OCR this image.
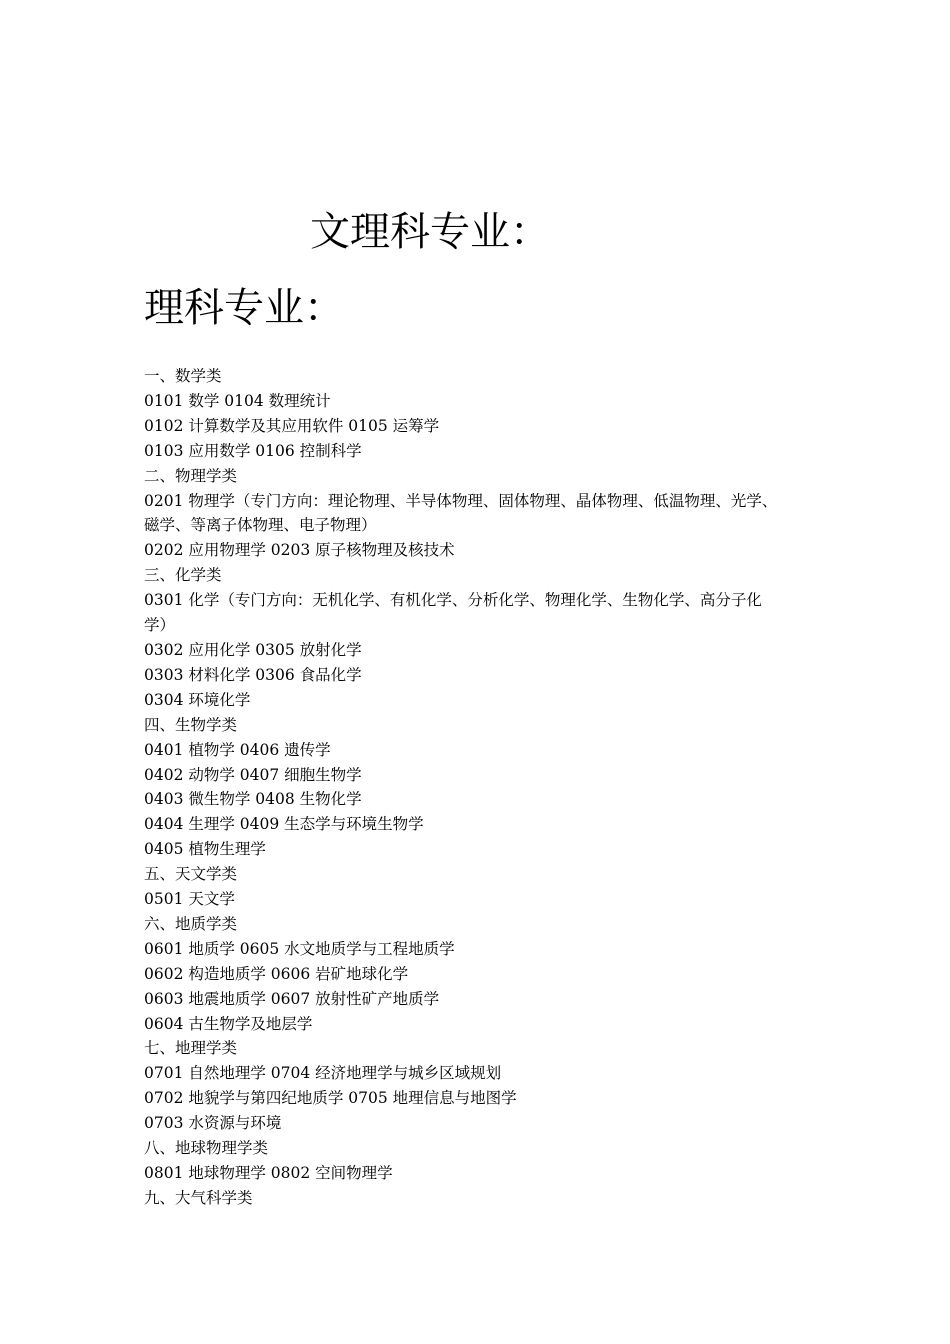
文理科专业：
理科专业：
一、数学类
0101 数学 0104 数理统计
0102 计算数学及其应用软件 0105 运筹学
0103 应用数学 0106 控制科学
二、物理学类
0201 物理学（专门方向：理论物理、半导体物理、固体物理、晶体物理、低温物理、光学、
磁学、等离子体物理、电子物理）
0202 应用物理学 0203 原子核物理及核技术
三、化学类
0301 化学（专门方向：无机化学、有机化学、分析化学、物理化学、生物化学、高分子化
学）
0302 应用化学 0305 放射化学
0303 材料化学 0306 食品化学
0304 环境化学
四、生物学类
0401 植物学 0406 遗传学
0402 动物学 0407 细胞生物学
0403 微生物学 0408 生物化学
0404 生理学 0409 生态学与环境生物学
0405 植物生理学
五、天文学类
0501 天文学
六、地质学类
0601 地质学 0605 水文地质学与工程地质学
0602 构造地质学 0606 岩矿地球化学
0603 地震地质学 0607 放射性矿产地质学
0604 古生物学及地层学
七、地理学类
0701 自然地理学 0704 经济地理学与城乡区域规划
0702 地貌学与第四纪地质学 0705 地理信息与地图学
0703 水资源与环境
八、地球物理学类
0801 地球物理学 0802 空间物理学
九、大气科学类
